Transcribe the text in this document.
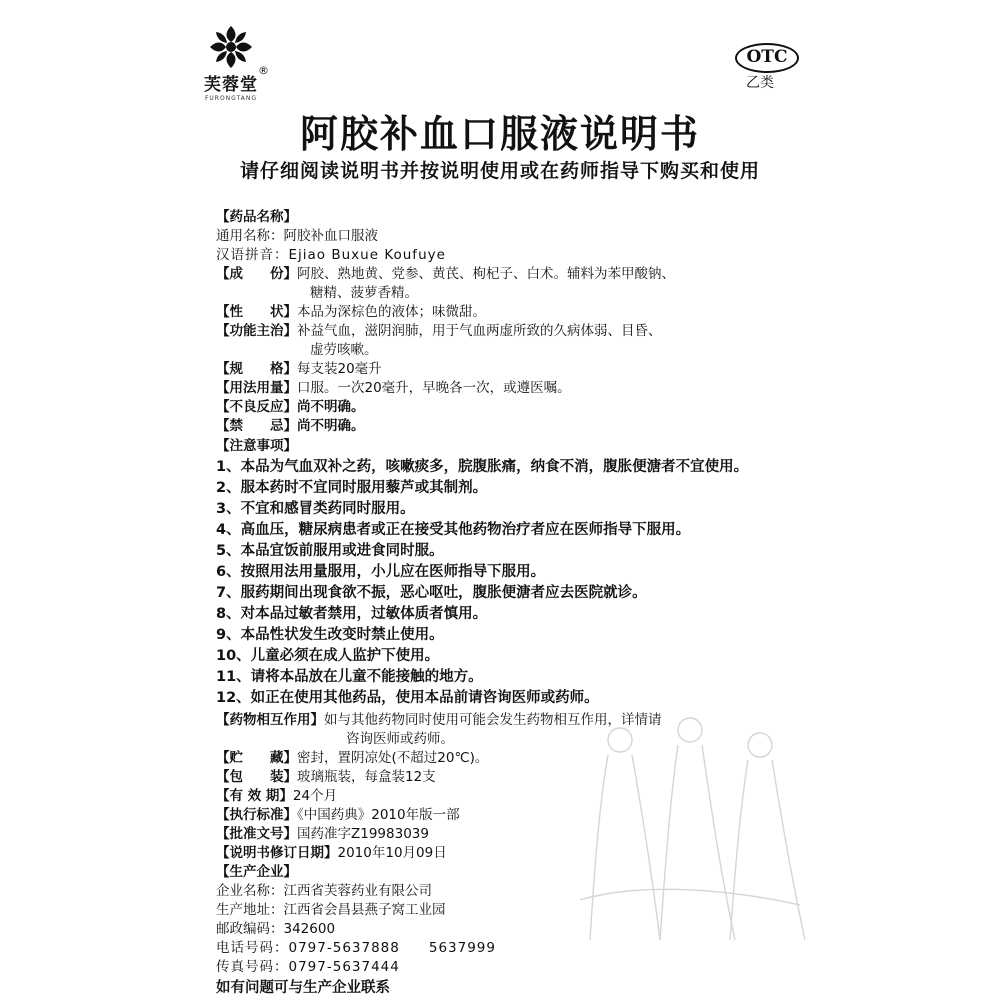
芙蓉堂
FURONGTANG
®
OTC
乙类
阿胶补血口服液说明书
请仔细阅读说明书并按说明使用或在药师指导下购买和使用
【药品名称】
通用名称：阿胶补血口服液
汉语拼音：Ejiao Buxue Koufuye
【成　　份】阿胶、熟地黄、党参、黄芪、枸杞子、白术。辅料为苯甲酸钠、
糖精、菠萝香精。
【性　　状】本品为深棕色的液体；味微甜。
【功能主治】补益气血，滋阴润肺，用于气血两虚所致的久病体弱、目昏、
虚劳咳嗽。
【规　　格】每支装20毫升
【用法用量】口服。一次20毫升，早晚各一次，或遵医嘱。
【不良反应】尚不明确。
【禁　　忌】尚不明确。
【注意事项】
1、本品为气血双补之药，咳嗽痰多，脘腹胀痛，纳食不消，腹胀便溏者不宜使用。
2、服本药时不宜同时服用藜芦或其制剂。
3、不宜和感冒类药同时服用。
4、高血压，糖尿病患者或正在接受其他药物治疗者应在医师指导下服用。
5、本品宜饭前服用或进食同时服。
6、按照用法用量服用，小儿应在医师指导下服用。
7、服药期间出现食欲不振，恶心呕吐，腹胀便溏者应去医院就诊。
8、对本品过敏者禁用，过敏体质者慎用。
9、本品性状发生改变时禁止使用。
10、儿童必须在成人监护下使用。
11、请将本品放在儿童不能接触的地方。
12、如正在使用其他药品，使用本品前请咨询医师或药师。
【药物相互作用】如与其他药物同时使用可能会发生药物相互作用，详情请
咨询医师或药师。
【贮　　藏】密封，置阴凉处(不超过20℃)。
【包　　装】玻璃瓶装，每盒装12支
【有 效 期】24个月
【执行标准】《中国药典》2010年版一部
【批准文号】国药准字Z19983039
【说明书修订日期】2010年10月09日
【生产企业】
企业名称：江西省芙蓉药业有限公司
生产地址：江西省会昌县燕子窝工业园
邮政编码：342600
电话号码：0797-5637888　　5637999
传真号码：0797-5637444
如有问题可与生产企业联系
